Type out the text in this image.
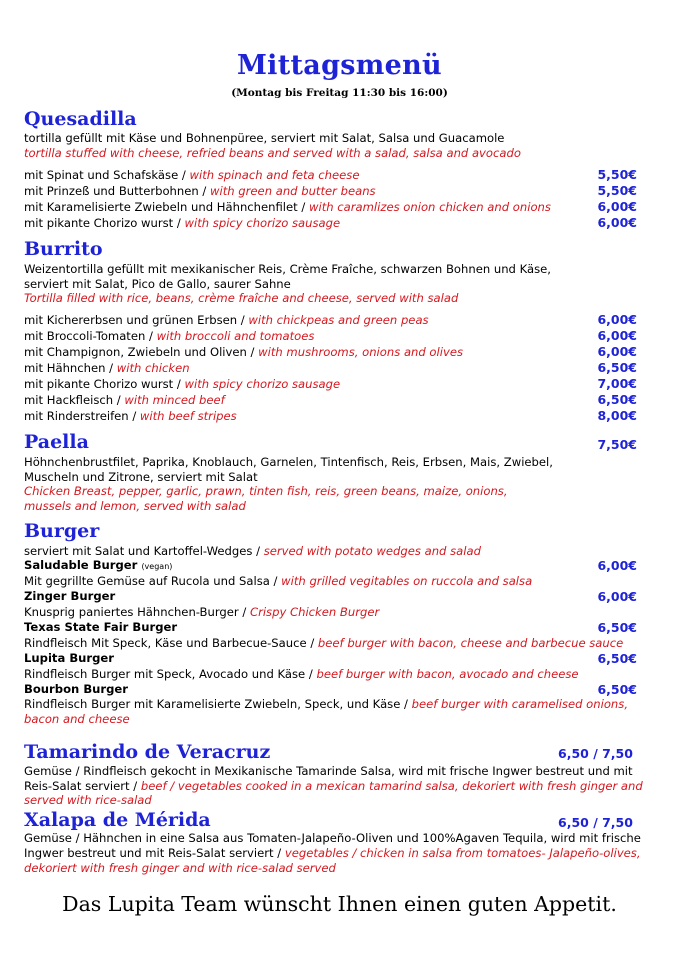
Mittagsmenü
(Montag bis Freitag 11:30 bis 16:00)
Quesadilla
tortilla gefüllt mit Käse und Bohnenpüree, serviert mit Salat, Salsa und Guacamole
tortilla stuffed with cheese, refried beans and served with a salad, salsa and avocado
mit Spinat und Schafskäse / with spinach and feta cheese	5,50€
mit Prinzeß und Butterbohnen / with green and butter beans	5,50€
mit Karamelisierte Zwiebeln und Hähnchenfilet / with caramlizes onion chicken and onions	6,00€
mit pikante Chorizo wurst / with spicy chorizo sausage	6,00€
Burrito
Weizentortilla gefüllt mit mexikanischer Reis, Crème Fraîche, schwarzen Bohnen und Käse,
serviert mit Salat, Pico de Gallo, saurer Sahne
Tortilla filled with rice, beans, crème fraîche and cheese, served with salad
mit Kichererbsen und grünen Erbsen / with chickpeas and green peas	6,00€
mit Broccoli-Tomaten / with broccoli and tomatoes	6,00€
mit Champignon, Zwiebeln und Oliven / with mushrooms, onions and olives	6,00€
mit Hähnchen / with chicken	6,50€
mit pikante Chorizo wurst / with spicy chorizo sausage	7,00€
mit Hackfleisch / with minced beef	6,50€
mit Rinderstreifen / with beef stripes	8,00€
Paella	7,50€
Höhnchenbrustfilet, Paprika, Knoblauch, Garnelen, Tintenfisch, Reis, Erbsen, Mais, Zwiebel,
Muscheln und Zitrone, serviert mit Salat
Chicken Breast, pepper, garlic, prawn, tinten fish, reis, green beans, maize, onions,
mussels and lemon, served with salad
Burger
serviert mit Salat und Kartoffel-Wedges / served with potato wedges and salad
Saludable Burger (vegan)	6,00€
Mit gegrillte Gemüse auf Rucola und Salsa / with grilled vegitables on ruccola and salsa
Zinger Burger	6,00€
Knusprig paniertes Hähnchen-Burger / Crispy Chicken Burger
Texas State Fair Burger	6,50€
Rindfleisch Mit Speck, Käse und Barbecue-Sauce / beef burger with bacon, cheese and barbecue sauce
Lupita Burger	6,50€
Rindfleisch Burger mit Speck, Avocado und Käse / beef burger with bacon, avocado and cheese
Bourbon Burger	6,50€
Rindfleisch Burger mit Karamelisierte Zwiebeln, Speck, und Käse / beef burger with caramelised onions,
bacon and cheese
Tamarindo de Veracruz	6,50 / 7,50
Gemüse / Rindfleisch gekocht in Mexikanische Tamarinde Salsa, wird mit frische Ingwer bestreut und mit
Reis-Salat serviert / beef / vegetables cooked in a mexican tamarind salsa, dekoriert with fresh ginger and
served with rice-salad
Xalapa de Mérida	6,50 / 7,50
Gemüse / Hähnchen in eine Salsa aus Tomaten-Jalapeño-Oliven und 100%Agaven Tequila, wird mit frische
Ingwer bestreut und mit Reis-Salat serviert / vegetables / chicken in salsa from tomatoes- Jalapeño-olives,
dekoriert with fresh ginger and with rice-salad served
Das Lupita Team wünscht Ihnen einen guten Appetit.
